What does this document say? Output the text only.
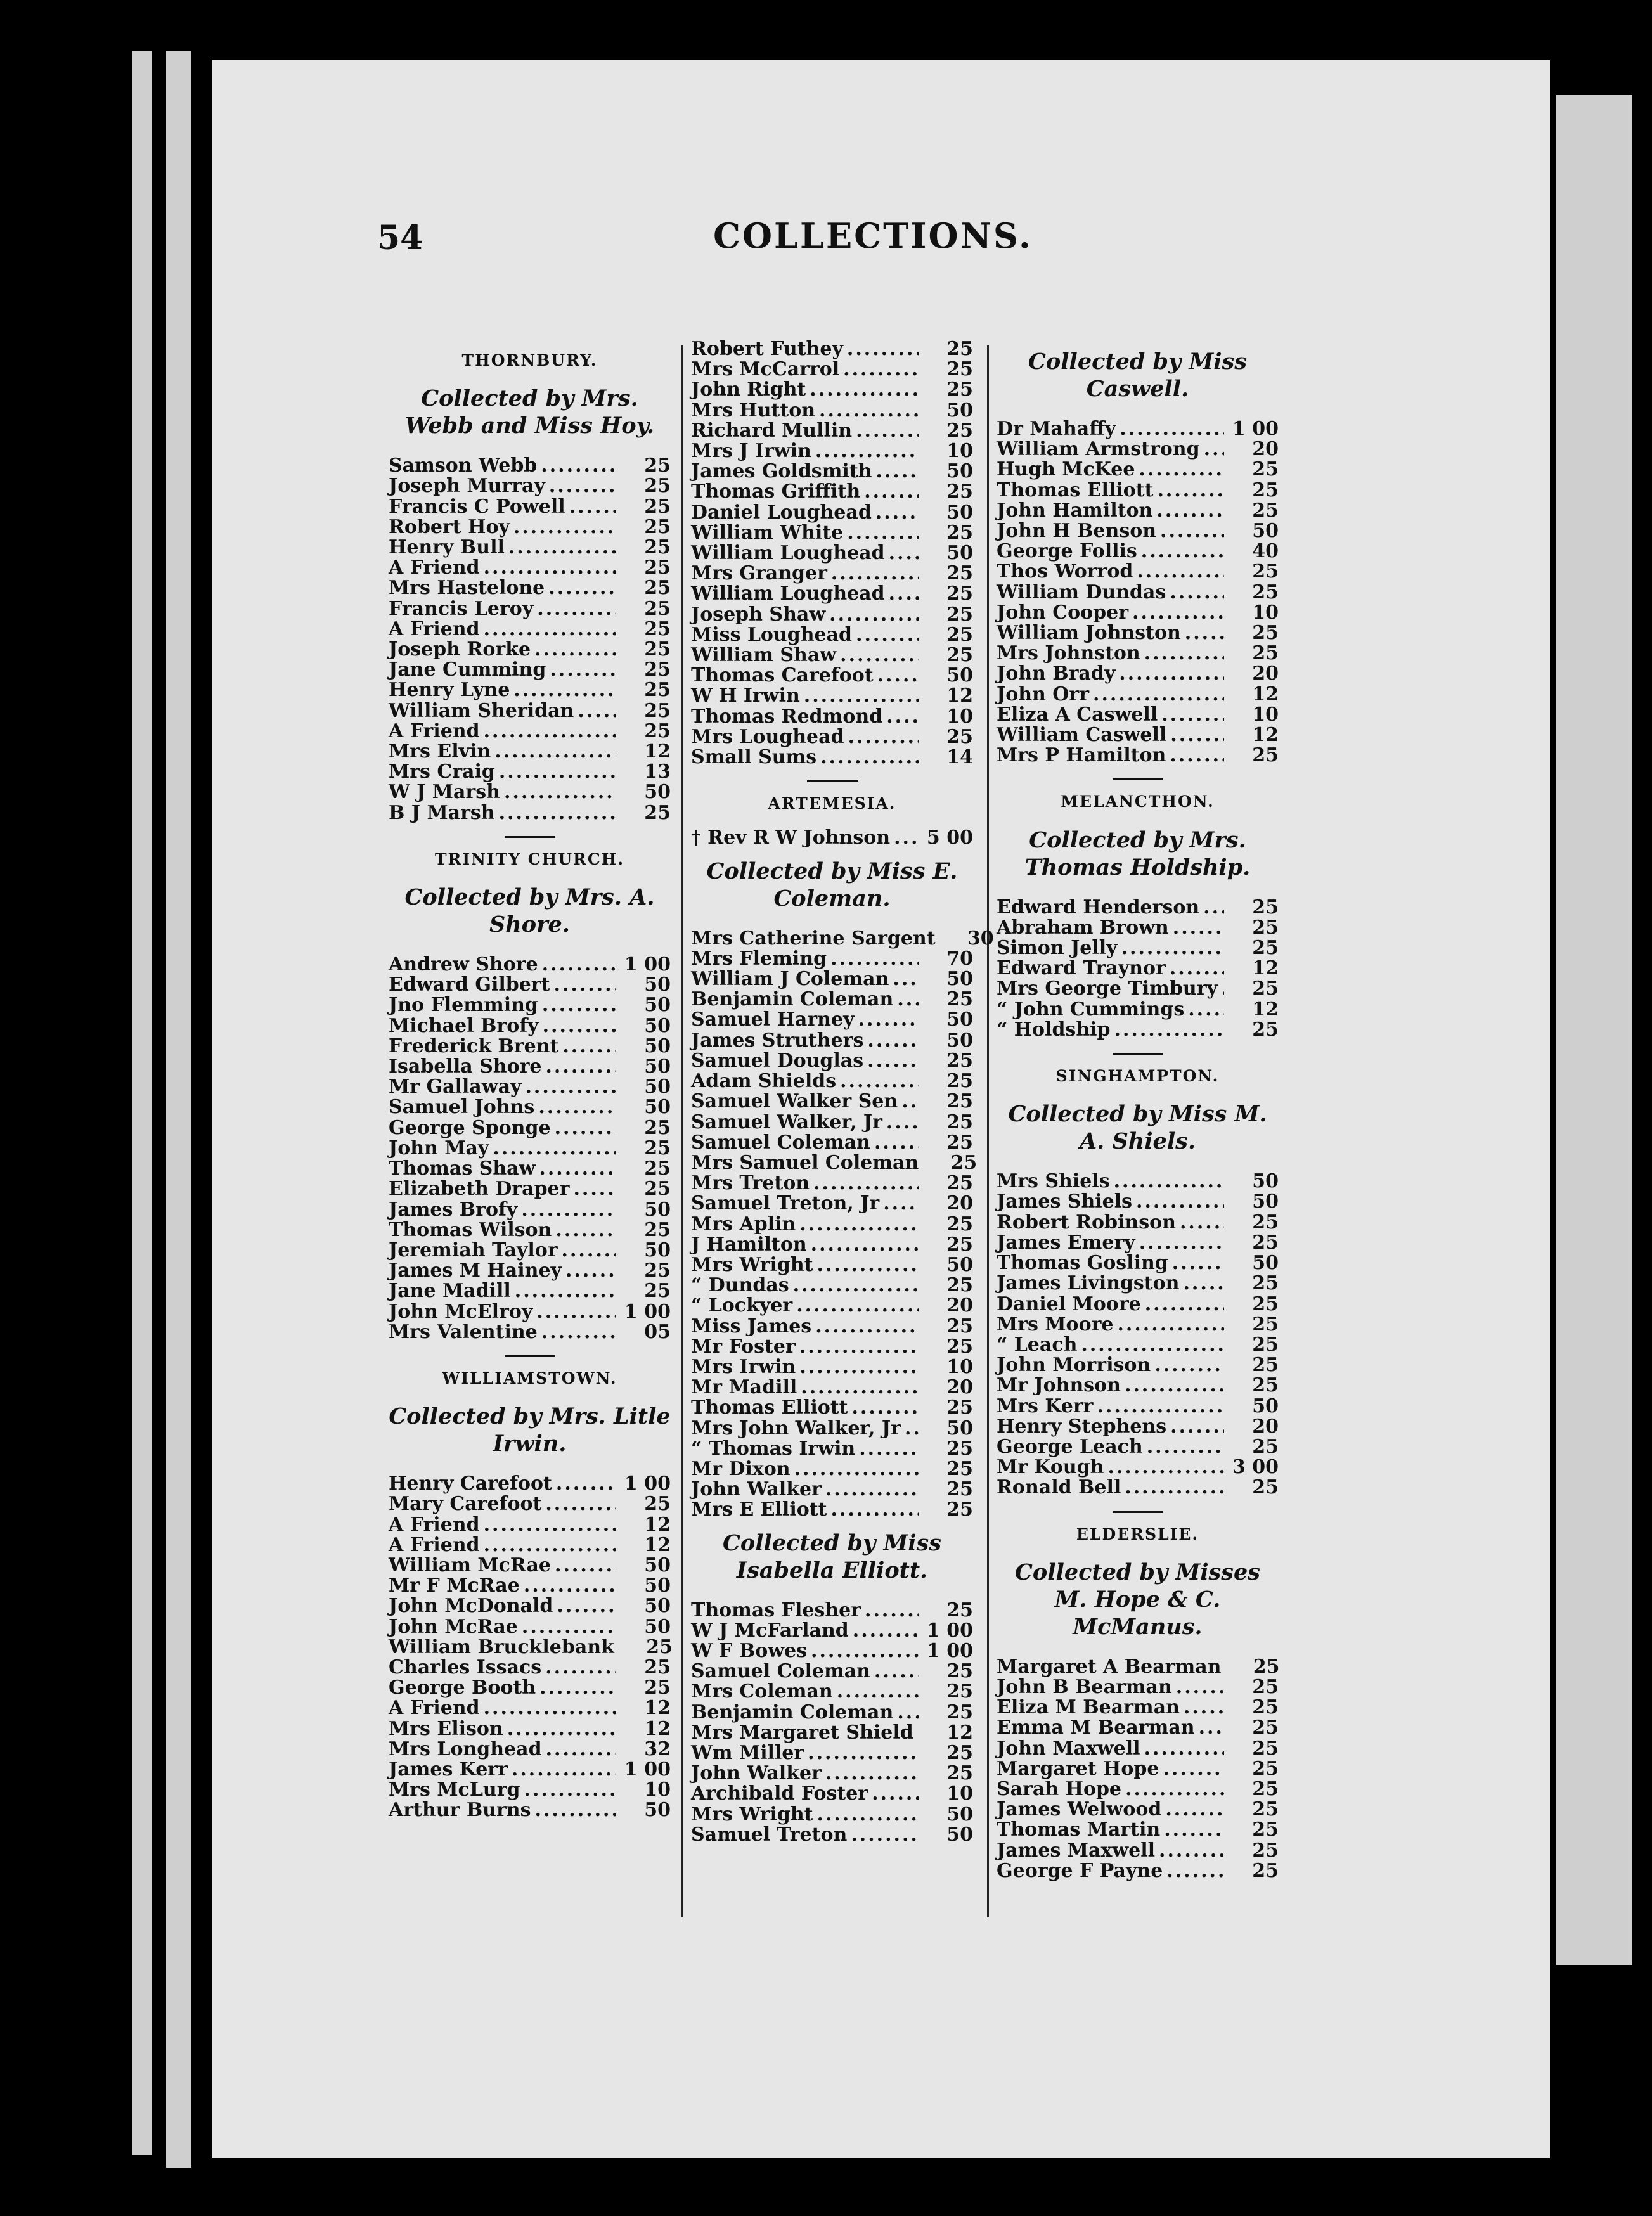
54	COLLECTIONS.
THORNBURY.
Collected by Mrs. Webb and Miss Hoy.
Samson Webb .....	25
Joseph Murray .....	25
Francis C Powell .....	25
Robert Hoy .....	25
Henry Bull .....	25
A Friend .....	25
Mrs Hastelone .....	25
Francis Leroy .....	25
A Friend .....	25
Joseph Rorke .....	25
Jane Cumming .....	25
Henry Lyne .....	25
William Sheridan .....	25
A Friend .....	25
Mrs Elvin .....	12
Mrs Craig .....	13
W J Marsh .....	50
B J Marsh .....	25
TRINITY CHURCH.
Collected by Mrs. A. Shore.
Andrew Shore .....	1 00
Edward Gilbert .....	50
Jno Flemming .....	50
Michael Brofy .....	50
Frederick Brent .....	50
Isabella Shore .....	50
Mr Gallaway .....	50
Samuel Johns .....	50
George Sponge .....	25
John May .....	25
Thomas Shaw .....	25
Elizabeth Draper .....	25
James Brofy .....	50
Thomas Wilson .....	25
Jeremiah Taylor .....	50
James M Hainey .....	25
Jane Madill .....	25
John McElroy .....	1 00
Mrs Valentine .....	05
WILLIAMSTOWN.
Collected by Mrs. Litle Irwin.
Henry Carefoot .....	1 00
Mary Carefoot .....	25
A Friend .....	12
A Friend .....	12
William McRae .....	50
Mr F McRae .....	50
John McDonald .....	50
John McRae .....	50
William Brucklebank	25
Charles Issacs .....	25
George Booth .....	25
A Friend .....	12
Mrs Elison .....	12
Mrs Longhead .....	32
James Kerr .....	1 00
Mrs McLurg .....	10
Arthur Burns .....	50
Robert Futhey .....	25
Mrs McCarrol .....	25
John Right .....	25
Mrs Hutton .....	50
Richard Mullin .....	25
Mrs J Irwin .....	10
James Goldsmith .....	50
Thomas Griffith .....	25
Daniel Loughead .....	50
William White .....	25
William Loughead .....	50
Mrs Granger .....	25
William Loughead .....	25
Joseph Shaw .....	25
Miss Loughead .....	25
William Shaw .....	25
Thomas Carefoot .....	50
W H Irwin .....	12
Thomas Redmond .....	10
Mrs Loughead .....	25
Small Sums .....	14
ARTEMESIA.
† Rev R W Johnson ..... 5 00
Collected by Miss E. Coleman.
Mrs Catherine Sargent	30
Mrs Fleming .....	70
William J Coleman .....	50
Benjamin Coleman .....	25
Samuel Harney .....	50
James Struthers .....	50
Samuel Douglas .....	25
Adam Shields .....	25
Samuel Walker Sen .....	25
Samuel Walker, Jr .....	25
Samuel Coleman .....	25
Mrs Samuel Coleman	25
Mrs Treton .....	25
Samuel Treton, Jr .....	20
Mrs Aplin .....	25
J Hamilton .....	25
Mrs Wright .....	50
“ Dundas .....	25
“ Lockyer .....	20
Miss James .....	25
Mr Foster .....	25
Mrs Irwin .....	10
Mr Madill .....	20
Thomas Elliott .....	25
Mrs John Walker, Jr .....	50
“ Thomas Irwin .....	25
Mr Dixon .....	25
John Walker .....	25
Mrs E Elliott .....	25
Collected by Miss Isabella Elliott.
Thomas Flesher .....	25
W J McFarland .....	1 00
W F Bowes .....	1 00
Samuel Coleman .....	25
Mrs Coleman .....	25
Benjamin Coleman .....	25
Mrs Margaret Shield .....	12
Wm Miller .....	25
John Walker .....	25
Archibald Foster .....	10
Mrs Wright .....	50
Samuel Treton .....	50
Collected by Miss Caswell.
Dr Mahaffy .....	1 00
William Armstrong .....	20
Hugh McKee .....	25
Thomas Elliott .....	25
John Hamilton .....	25
John H Benson .....	50
George Follis .....	40
Thos Worrod .....	25
William Dundas .....	25
John Cooper .....	10
William Johnston .....	25
Mrs Johnston .....	25
John Brady .....	20
John Orr .....	12
Eliza A Caswell .....	10
William Caswell .....	12
Mrs P Hamilton .....	25
MELANCTHON.
Collected by Mrs. Thomas Holdship.
Edward Henderson .....	25
Abraham Brown .....	25
Simon Jelly .....	25
Edward Traynor .....	12
Mrs George Timbury .....	25
“ John Cummings .....	12
“ Holdship .....	25
SINGHAMPTON.
Collected by Miss M. A. Shiels.
Mrs Shiels .....	50
James Shiels .....	50
Robert Robinson .....	25
James Emery .....	25
Thomas Gosling .....	50
James Livingston .....	25
Daniel Moore .....	25
Mrs Moore .....	25
“ Leach .....	25
John Morrison .....	25
Mr Johnson .....	25
Mrs Kerr .....	50
Henry Stephens .....	20
George Leach .....	25
Mr Kough .....	3 00
Ronald Bell .....	25
ELDERSLIE.
Collected by Misses M. Hope & C. McManus.
Margaret A Bearman	25
John B Bearman .....	25
Eliza M Bearman .....	25
Emma M Bearman .....	25
John Maxwell .....	25
Margaret Hope .....	25
Sarah Hope .....	25
James Welwood .....	25
Thomas Martin .....	25
James Maxwell .....	25
George F Payne .....	25
